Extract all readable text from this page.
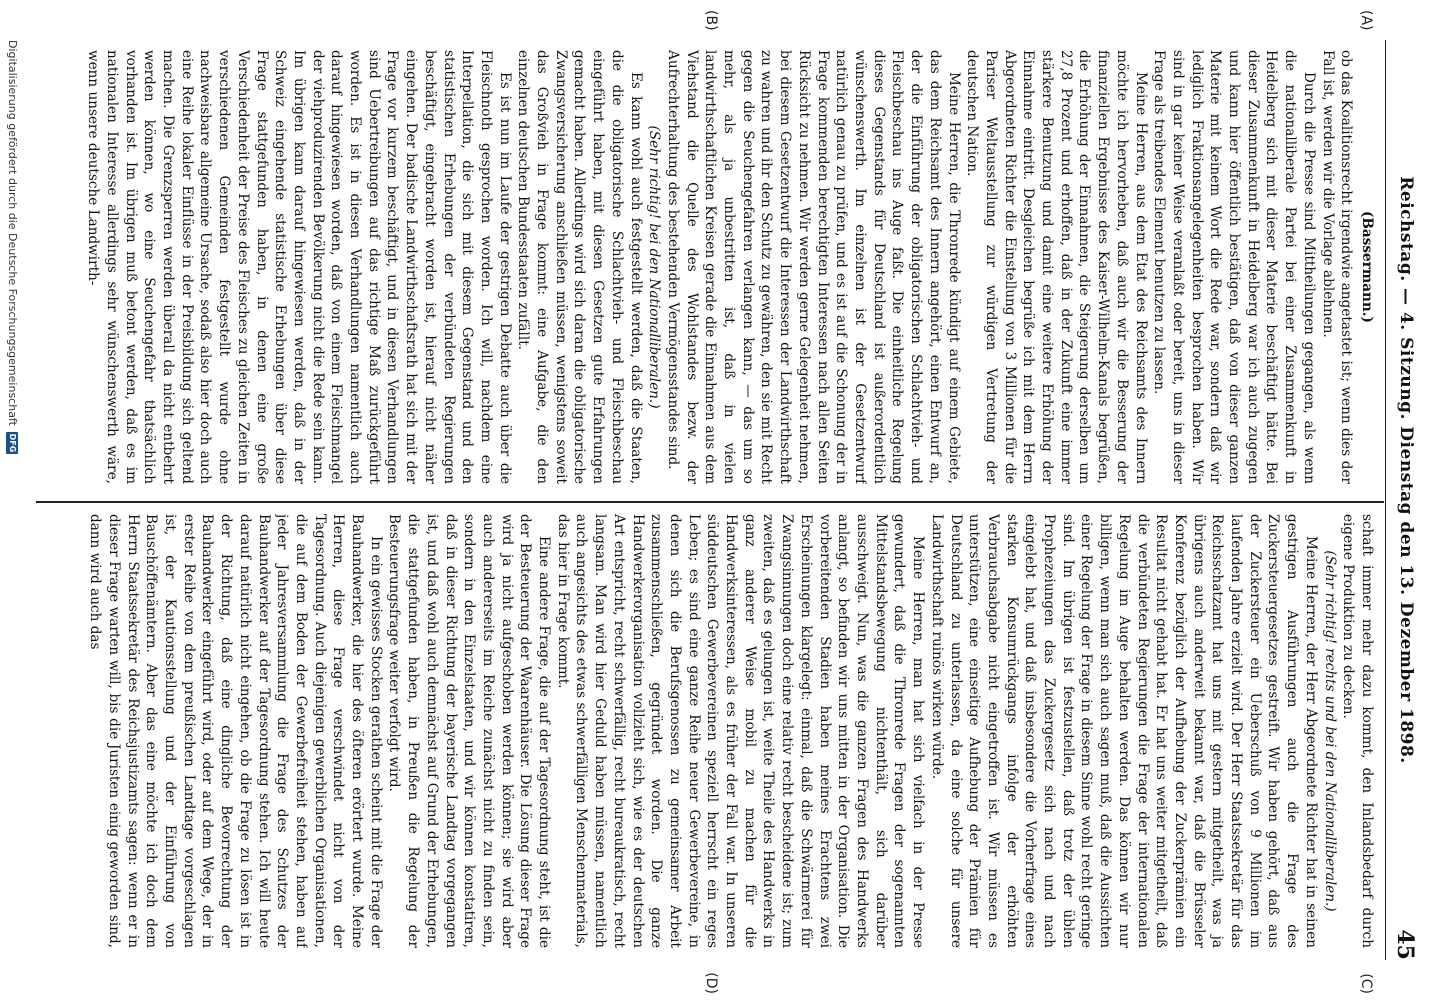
Reichstag. — 4. Sitzung. Dienstag den 13. Dezember 1898.
45
(A)
(B)
(C)
(D)

(Bassermann.)

ob das Koalitionsrecht irgendwie angetastet ist; wenn dies der Fall ist, werden wir die Vorlage ablehnen.

Durch die Presse sind Mittheilungen gegangen, als wenn die nationalliberale Partei bei einer Zusammenkunft in Heidelberg sich mit dieser Materie beschäftigt hätte. Bei dieser Zusammenkunft in Heidelberg war ich auch zugegen und kann hier öffentlich bestätigen, daß von dieser ganzen Materie mit keinem Wort die Rede war, sondern daß wir lediglich Fraktionsangelegenheiten besprochen haben. Wir sind in gar keiner Weise veranlaßt oder bereit, uns in dieser Frage als treibendes Element benutzen zu lassen.

Meine Herren, aus dem Etat des Reichsamts des Innern möchte ich hervorheben, daß auch wir die Besserung der finanziellen Ergebnisse des Kaiser-Wilhelm-Kanals begrüßen, die Erhöhung der Einnahmen, die Steigerung derselben um 27,8 Prozent und erhoffen, daß in der Zukunft eine immer stärkere Benutzung und damit eine weitere Erhöhung der Einnahme eintritt. Desgleichen begrüße ich mit dem Herrn Abgeordneten Richter die Einstellung von 3 Millionen für die Pariser Weltausstellung zur würdigen Vertretung der deutschen Nation.

Meine Herren, die Thronrede kündigt auf einem Gebiete, das dem Reichsamt des Innern angehört, einen Entwurf an, der die Einführung der obligatorischen Schlachtvieh- und Fleischbeschau ins Auge faßt. Die einheitliche Regelung dieses Gegenstands für Deutschland ist außerordentlich wünschenswerth. Im einzelnen ist der Gesetzentwurf natürlich genau zu prüfen, und es ist auf die Schonung der in Frage kommenden berechtigten Interessen nach allen Seiten Rücksicht zu nehmen. Wir werden gerne Gelegenheit nehmen, bei diesem Gesetzentwurf die Interessen der Landwirthschaft zu wahren und ihr den Schutz zu gewähren, den sie mit Recht gegen die Seuchengefahren verlangen kann, — das um so mehr, als ja unbestritten ist, daß in vielen landwirthschaftlichen Kreisen gerade die Einnahmen aus dem Viehstand die Quelle des Wohlstandes bezw. der Aufrechterhaltung des bestehenden Vermögensstandes sind.

(Sehr richtig! bei den Nationalliberalen.)

Es kann wohl auch festgestellt werden, daß die Staaten, die die obligatorische Schlachtvieh- und Fleischbeschau eingeführt haben, mit diesen Gesetzen gute Erfahrungen gemacht haben. Allerdings wird sich daran die obligatorische Zwangsversicherung anschließen müssen, wenigstens soweit das Großvieh in Frage kommt: eine Aufgabe, die den einzelnen deutschen Bundesstaaten zufällt.

Es ist nun im Laufe der gestrigen Debatte auch über die Fleischnoth gesprochen worden. Ich will, nachdem eine Interpellation, die sich mit diesem Gegenstand und den statistischen Erhebungen der verbündeten Regierungen beschäftigt, eingebracht worden ist, hierauf nicht näher eingehen. Der badische Landwirthschaftsrath hat sich mit der Frage vor kurzem beschäftigt, und in diesen Verhandlungen sind Uebertreibungen auf das richtige Maß zurückgeführt worden. Es ist in diesen Verhandlungen namentlich auch darauf hingewiesen worden, daß von einem Fleischmangel der viehproduzirenden Bevölkerung nicht die Rede sein kann. Im übrigen kann darauf hingewiesen werden, daß in der Schweiz eingehende statistische Erhebungen über diese Frage stattgefunden haben, in denen eine große Verschiedenheit der Preise des Fleisches zu gleichen Zeiten in verschiedenen Gemeinden festgestellt wurde ohne nachweisbare allgemeine Ursache, sodaß also hier doch auch eine Reihe lokaler Einflüsse in der Preisbildung sich geltend machen. Die Grenzsperren werden überall da nicht entbehrt werden können, wo eine Seuchengefahr thatsächlich vorhanden ist. Im übrigen muß betont werden, daß es im nationalen Interesse allerdings sehr wünschenswerth wäre, wenn unsere deutsche Landwirth-

schaft immer mehr dazu kommt, den Inlandsbedarf durch eigene Produktion zu decken.

(Sehr richtig! rechts und bei den Nationalliberalen.)

Meine Herren, der Herr Abgeordnete Richter hat in seinen gestrigen Ausführungen auch die Frage des Zuckersteuergesetzes gestreift. Wir haben gehört, daß aus der Zuckersteuer ein Ueberschuß von 9 Millionen im laufenden Jahre erzielt wird. Der Herr Staatssekretär für das Reichsschatzamt hat uns mit gestern mitgetheilt, was ja übrigens auch anderweit bekannt war, daß die Brüsseler Konferenz bezüglich der Aufhebung der Zuckerprämien ein Resultat nicht gehabt hat. Er hat uns weiter mitgetheilt, daß die verbündeten Regierungen die Frage der internationalen Regelung im Auge behalten werden. Das können wir nur billigen, wenn man sich auch sagen muß, daß die Aussichten einer Regelung der Frage in diesem Sinne wohl recht geringe sind. Im übrigen ist festzustellen, daß trotz der üblen Prophezeiungen das Zuckergesetz sich nach und nach eingelebt hat, und daß insbesondere die Vorherfrage eines starken Konsumrückgangs infolge der erhöhten Verbrauchsabgabe nicht eingetroffen ist. Wir müssen es unterstützen, eine einseitige Aufhebung der Prämien für Deutschland zu unterlassen, da eine solche für unsere Landwirthschaft ruinös wirken würde.

Meine Herren, man hat sich vielfach in der Presse gewundert, daß die Thronrede Fragen der sogenannten Mittelstandsbewegung nichtenthält, sich darüber ausschweigt. Nun, was die ganzen Fragen des Handwerks anlangt, so befinden wir uns mitten in der Organisation. Die vorbereitenden Stadien haben meines Erachtens zwei Erscheinungen klargelegt: einmal, daß die Schwärmerei für Zwangsinnungen doch eine relativ recht bescheidene ist; zum zweiten, daß es gelungen ist, weite Theile des Handwerks in ganz anderer Weise mobil zu machen für die Handwerksinteressen, als es früher der Fall war. In unseren süddeutschen Gewerbevereinen speziell herrscht ein reges Leben; es sind eine ganze Reihe neuer Gewerbevereine, in denen sich die Berufsgenossen zu gemeinsamer Arbeit zusammenschließen, gegründet worden. Die ganze Handwerkerorganisation vollzieht sich, wie es der deutschen Art entspricht, recht schwerfällig, recht bureaukratisch, recht langsam. Man wird hier Geduld haben müssen, namentlich auch angesichts des etwas schwerfälligen Menschenmaterials, das hier in Frage kommt.

Eine andere Frage, die auf der Tagesordnung steht, ist die der Besteuerung der Waarenhäuser. Die Lösung dieser Frage wird ja nicht aufgeschoben werden können; sie wird aber auch andererseits im Reiche zunächst nicht zu finden sein, sondern in den Einzelstaaten, und wir können konstatiren, daß in dieser Richtung der bayerische Landtag vorgegangen ist, und daß wohl auch demnächst auf Grund der Erhebungen, die stattgefunden haben, in Preußen die Regelung der Besteuerungsfrage weiter verfolgt wird.

In ein gewisses Stocken gerathen scheint mit die Frage der Bauhandwerker, die hier des öfteren erörtert wurde. Meine Herren, diese Frage verschwindet nicht von der Tagesordnung. Auch diejenigen gewerblichen Organisationen, die auf dem Boden der Gewerbefreiheit stehen, haben auf jeder Jahresversammlung die Frage des Schutzes der Bauhandwerker auf der Tagesordnung stehen. Ich will heute darauf natürlich nicht eingehen, ob die Frage zu lösen ist in der Richtung, daß eine dingliche Bevorrechtung der Bauhandwerker eingeführt wird, oder auf dem Wege, der in erster Reihe von dem preußischen Landtage vorgeschlagen ist, der Kautionsstellung und der Einführung von Bauschöffenämtern. Aber das eine möchte ich doch dem Herrn Staatssekretär des Reichsjustizamts sagen: wenn er in dieser Frage warten will, bis die Juristen einig geworden sind, dann wird auch das

Digitalisierung gefördert durch die Deutsche Forschungsgemeinschaft
DFG
